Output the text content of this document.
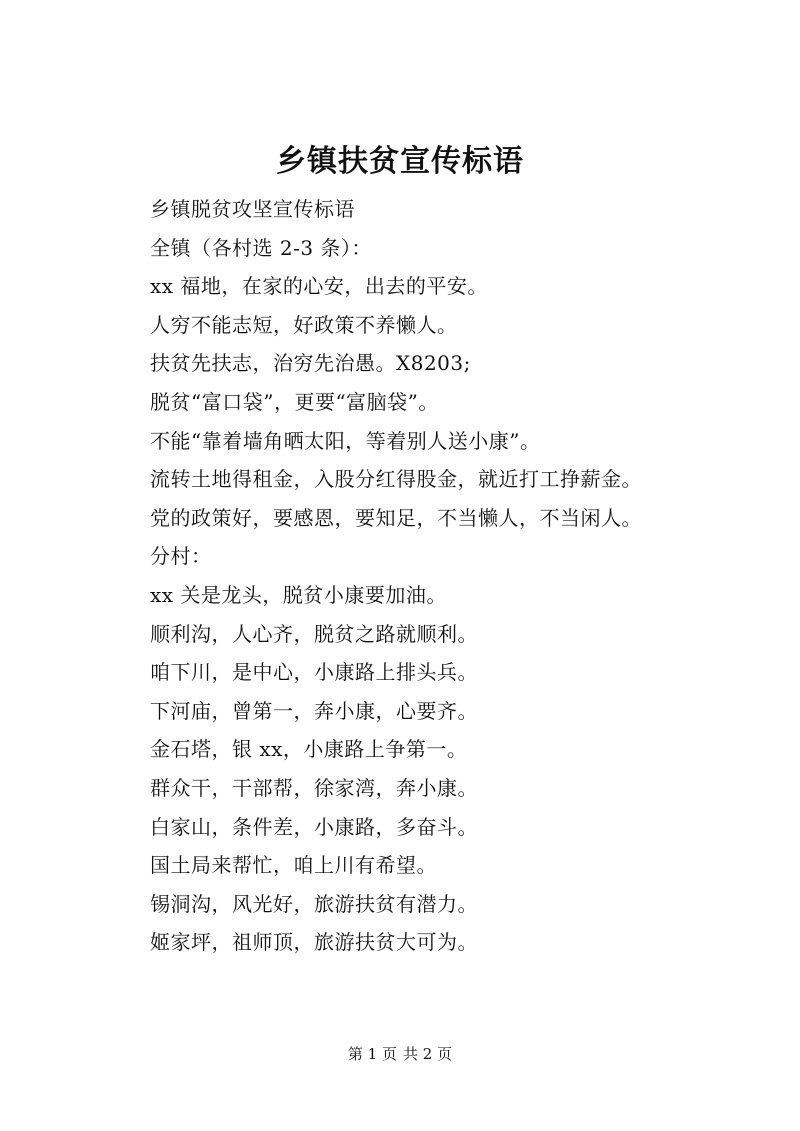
乡镇扶贫宣传标语
乡镇脱贫攻坚宣传标语
全镇（各村选 2-3 条）：
xx 福地，在家的心安，出去的平安。
人穷不能志短，好政策不养懒人。
扶贫先扶志，治穷先治愚。X8203;
脱贫“富口袋”，更要“富脑袋”。
不能“靠着墙角晒太阳，等着别人送小康”。
流转土地得租金，入股分红得股金，就近打工挣薪金。
党的政策好，要感恩，要知足，不当懒人，不当闲人。
分村：
xx 关是龙头，脱贫小康要加油。
顺利沟，人心齐，脱贫之路就顺利。
咱下川，是中心，小康路上排头兵。
下河庙，曾第一，奔小康，心要齐。
金石塔，银 xx，小康路上争第一。
群众干，干部帮，徐家湾，奔小康。
白家山，条件差，小康路，多奋斗。
国土局来帮忙，咱上川有希望。
锡洞沟，风光好，旅游扶贫有潜力。
姬家坪，祖师顶，旅游扶贫大可为。
第 1 页 共 2 页
